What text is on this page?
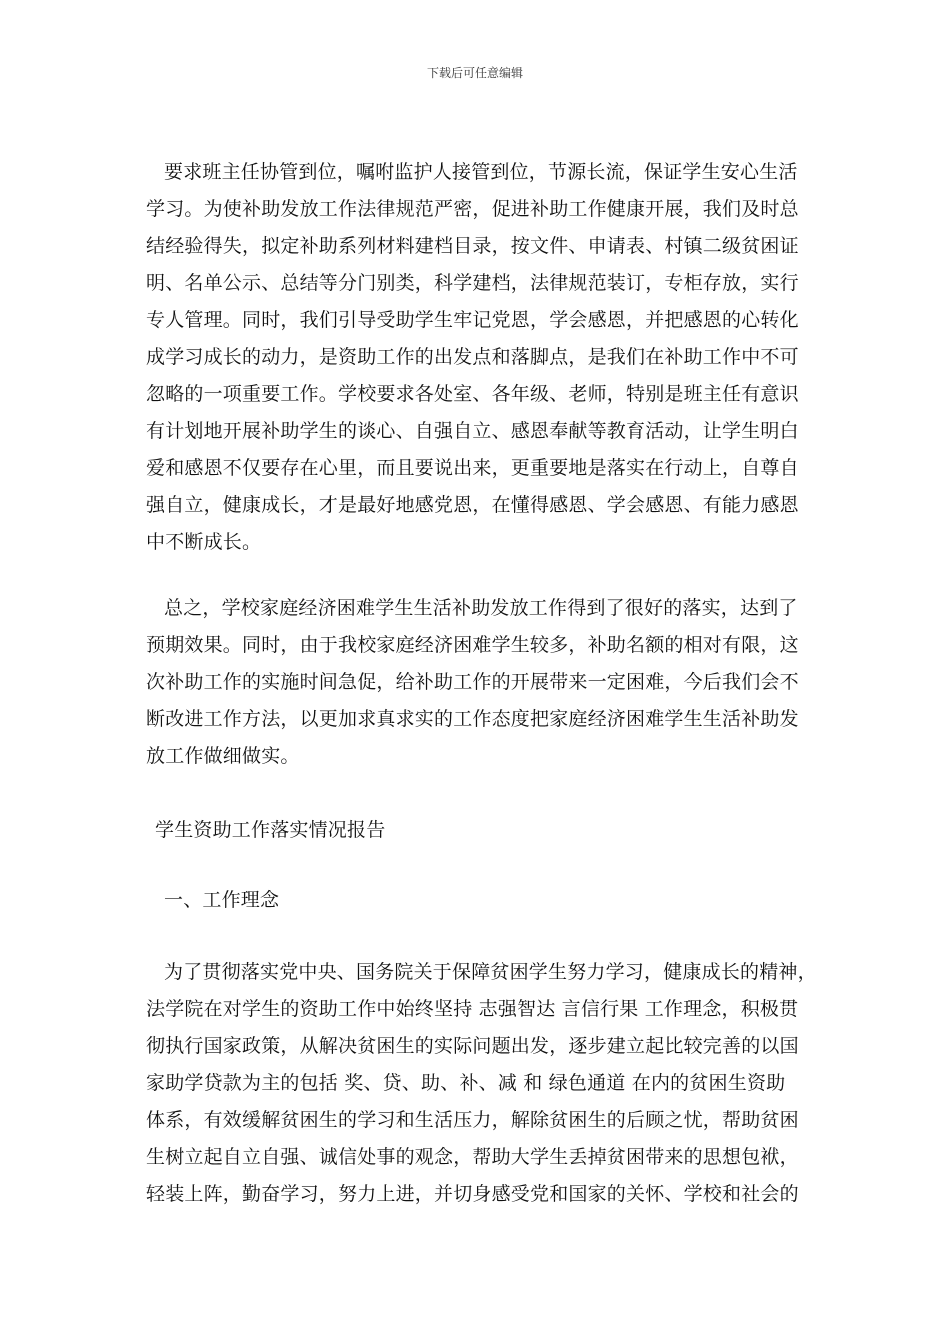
下载后可任意编辑
要求班主任协管到位，嘱咐监护人接管到位，节源长流，保证学生安心生活
学习。为使补助发放工作法律规范严密，促进补助工作健康开展，我们及时总
结经验得失，拟定补助系列材料建档目录，按文件、申请表、村镇二级贫困证
明、名单公示、总结等分门别类，科学建档，法律规范装订，专柜存放，实行
专人管理。同时，我们引导受助学生牢记党恩，学会感恩，并把感恩的心转化
成学习成长的动力，是资助工作的出发点和落脚点，是我们在补助工作中不可
忽略的一项重要工作。学校要求各处室、各年级、老师，特别是班主任有意识
有计划地开展补助学生的谈心、自强自立、感恩奉献等教育活动，让学生明白
爱和感恩不仅要存在心里，而且要说出来，更重要地是落实在行动上，自尊自
强自立，健康成长，才是最好地感党恩，在懂得感恩、学会感恩、有能力感恩
中不断成长。
总之，学校家庭经济困难学生生活补助发放工作得到了很好的落实，达到了
预期效果。同时，由于我校家庭经济困难学生较多，补助名额的相对有限，这
次补助工作的实施时间急促，给补助工作的开展带来一定困难，今后我们会不
断改进工作方法，以更加求真求实的工作态度把家庭经济困难学生生活补助发
放工作做细做实。
学生资助工作落实情况报告
一、工作理念
为了贯彻落实党中央、国务院关于保障贫困学生努力学习，健康成长的精神，
法学院在对学生的资助工作中始终坚持 志强智达 言信行果 工作理念，积极贯
彻执行国家政策，从解决贫困生的实际问题出发，逐步建立起比较完善的以国
家助学贷款为主的包括 奖、贷、助、补、减 和 绿色通道 在内的贫困生资助
体系，有效缓解贫困生的学习和生活压力，解除贫困生的后顾之忧，帮助贫困
生树立起自立自强、诚信处事的观念，帮助大学生丢掉贫困带来的思想包袱，
轻装上阵，勤奋学习，努力上进，并切身感受党和国家的关怀、学校和社会的
